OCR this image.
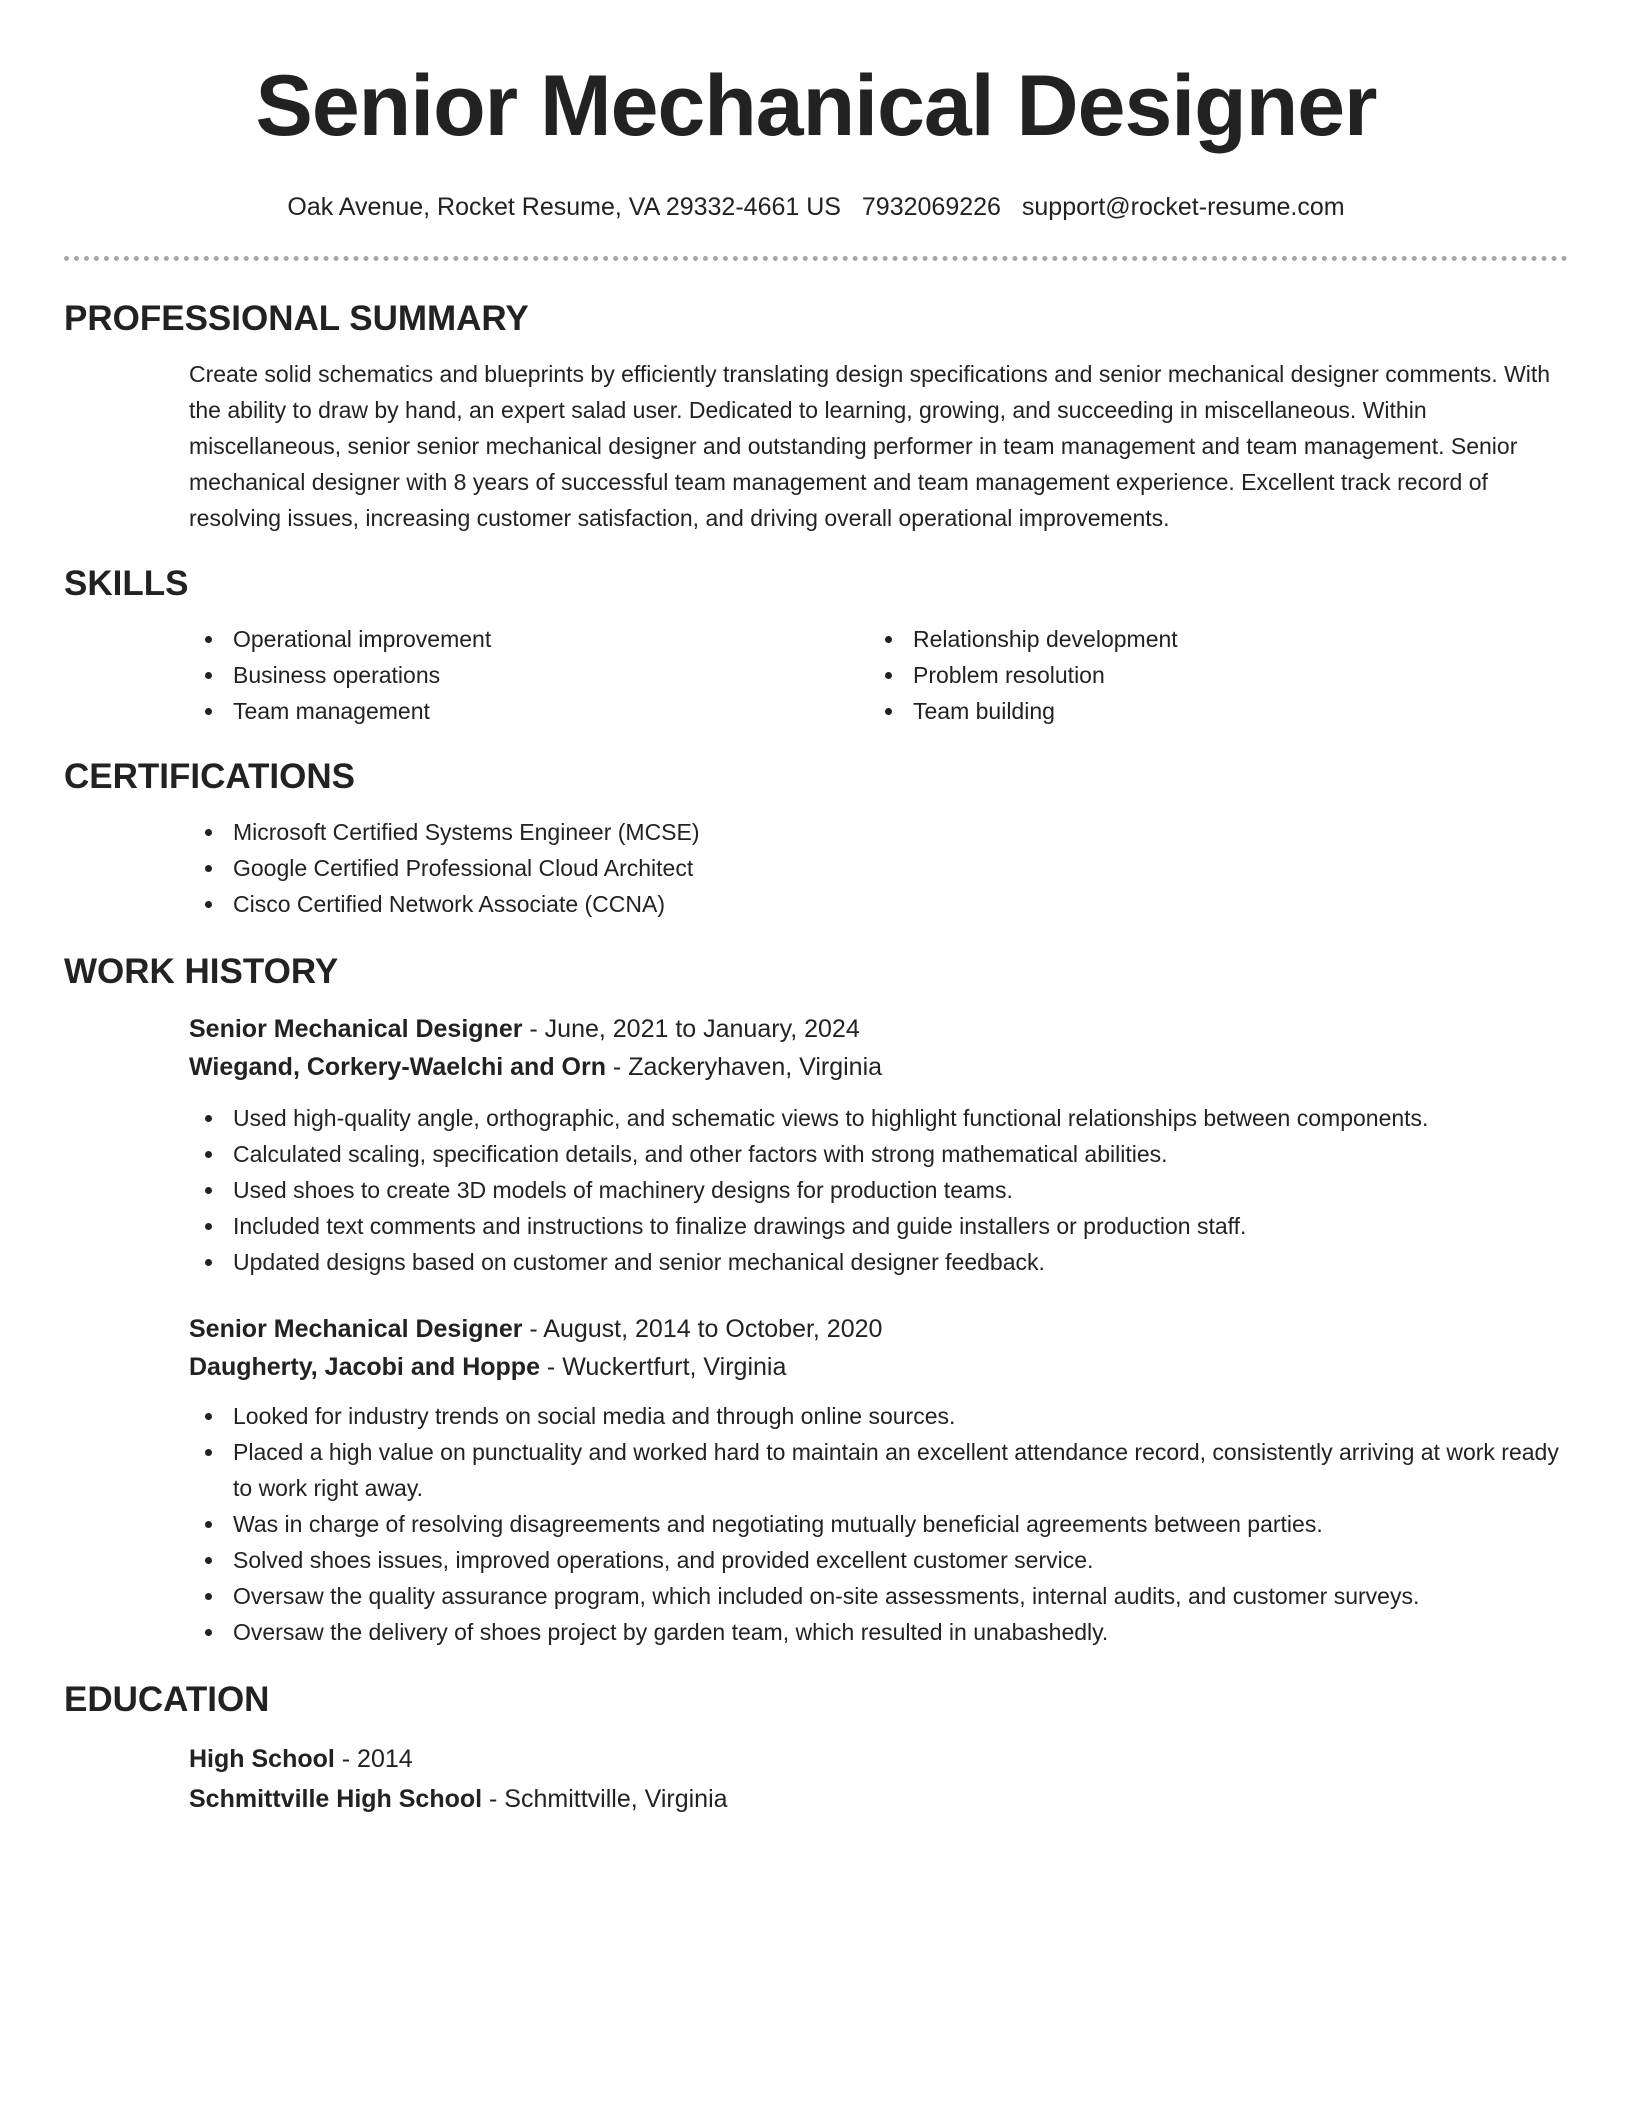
Senior Mechanical Designer
Oak Avenue, Rocket Resume, VA 29332-4661 US 7932069226 support@rocket-resume.com
PROFESSIONAL SUMMARY

Create solid schematics and blueprints by efficiently translating design specifications and senior mechanical designer comments. With the ability to draw by hand, an expert salad user. Dedicated to learning, growing, and succeeding in miscellaneous. Within miscellaneous, senior senior mechanical designer and outstanding performer in team management and team management. Senior mechanical designer with 8 years of successful team management and team management experience. Excellent track record of resolving issues, increasing customer satisfaction, and driving overall operational improvements.

SKILLS
Operational improvement
Business operations
Team management
Relationship development
Problem resolution
Team building
CERTIFICATIONS
Microsoft Certified Systems Engineer (MCSE)
Google Certified Professional Cloud Architect
Cisco Certified Network Associate (CCNA)
WORK HISTORY

Senior Mechanical Designer - June, 2021 to January, 2024

Wiegand, Corkery-Waelchi and Orn - Zackeryhaven, Virginia

Used high-quality angle, orthographic, and schematic views to highlight functional relationships between components.
Calculated scaling, specification details, and other factors with strong mathematical abilities.
Used shoes to create 3D models of machinery designs for production teams.
Included text comments and instructions to finalize drawings and guide installers or production staff.
Updated designs based on customer and senior mechanical designer feedback.

Senior Mechanical Designer - August, 2014 to October, 2020

Daugherty, Jacobi and Hoppe - Wuckertfurt, Virginia

Looked for industry trends on social media and through online sources.
Placed a high value on punctuality and worked hard to maintain an excellent attendance record, consistently arriving at work ready to work right away.
Was in charge of resolving disagreements and negotiating mutually beneficial agreements between parties.
Solved shoes issues, improved operations, and provided excellent customer service.
Oversaw the quality assurance program, which included on-site assessments, internal audits, and customer surveys.
Oversaw the delivery of shoes project by garden team, which resulted in unabashedly.
EDUCATION

High School - 2014

Schmittville High School - Schmittville, Virginia
